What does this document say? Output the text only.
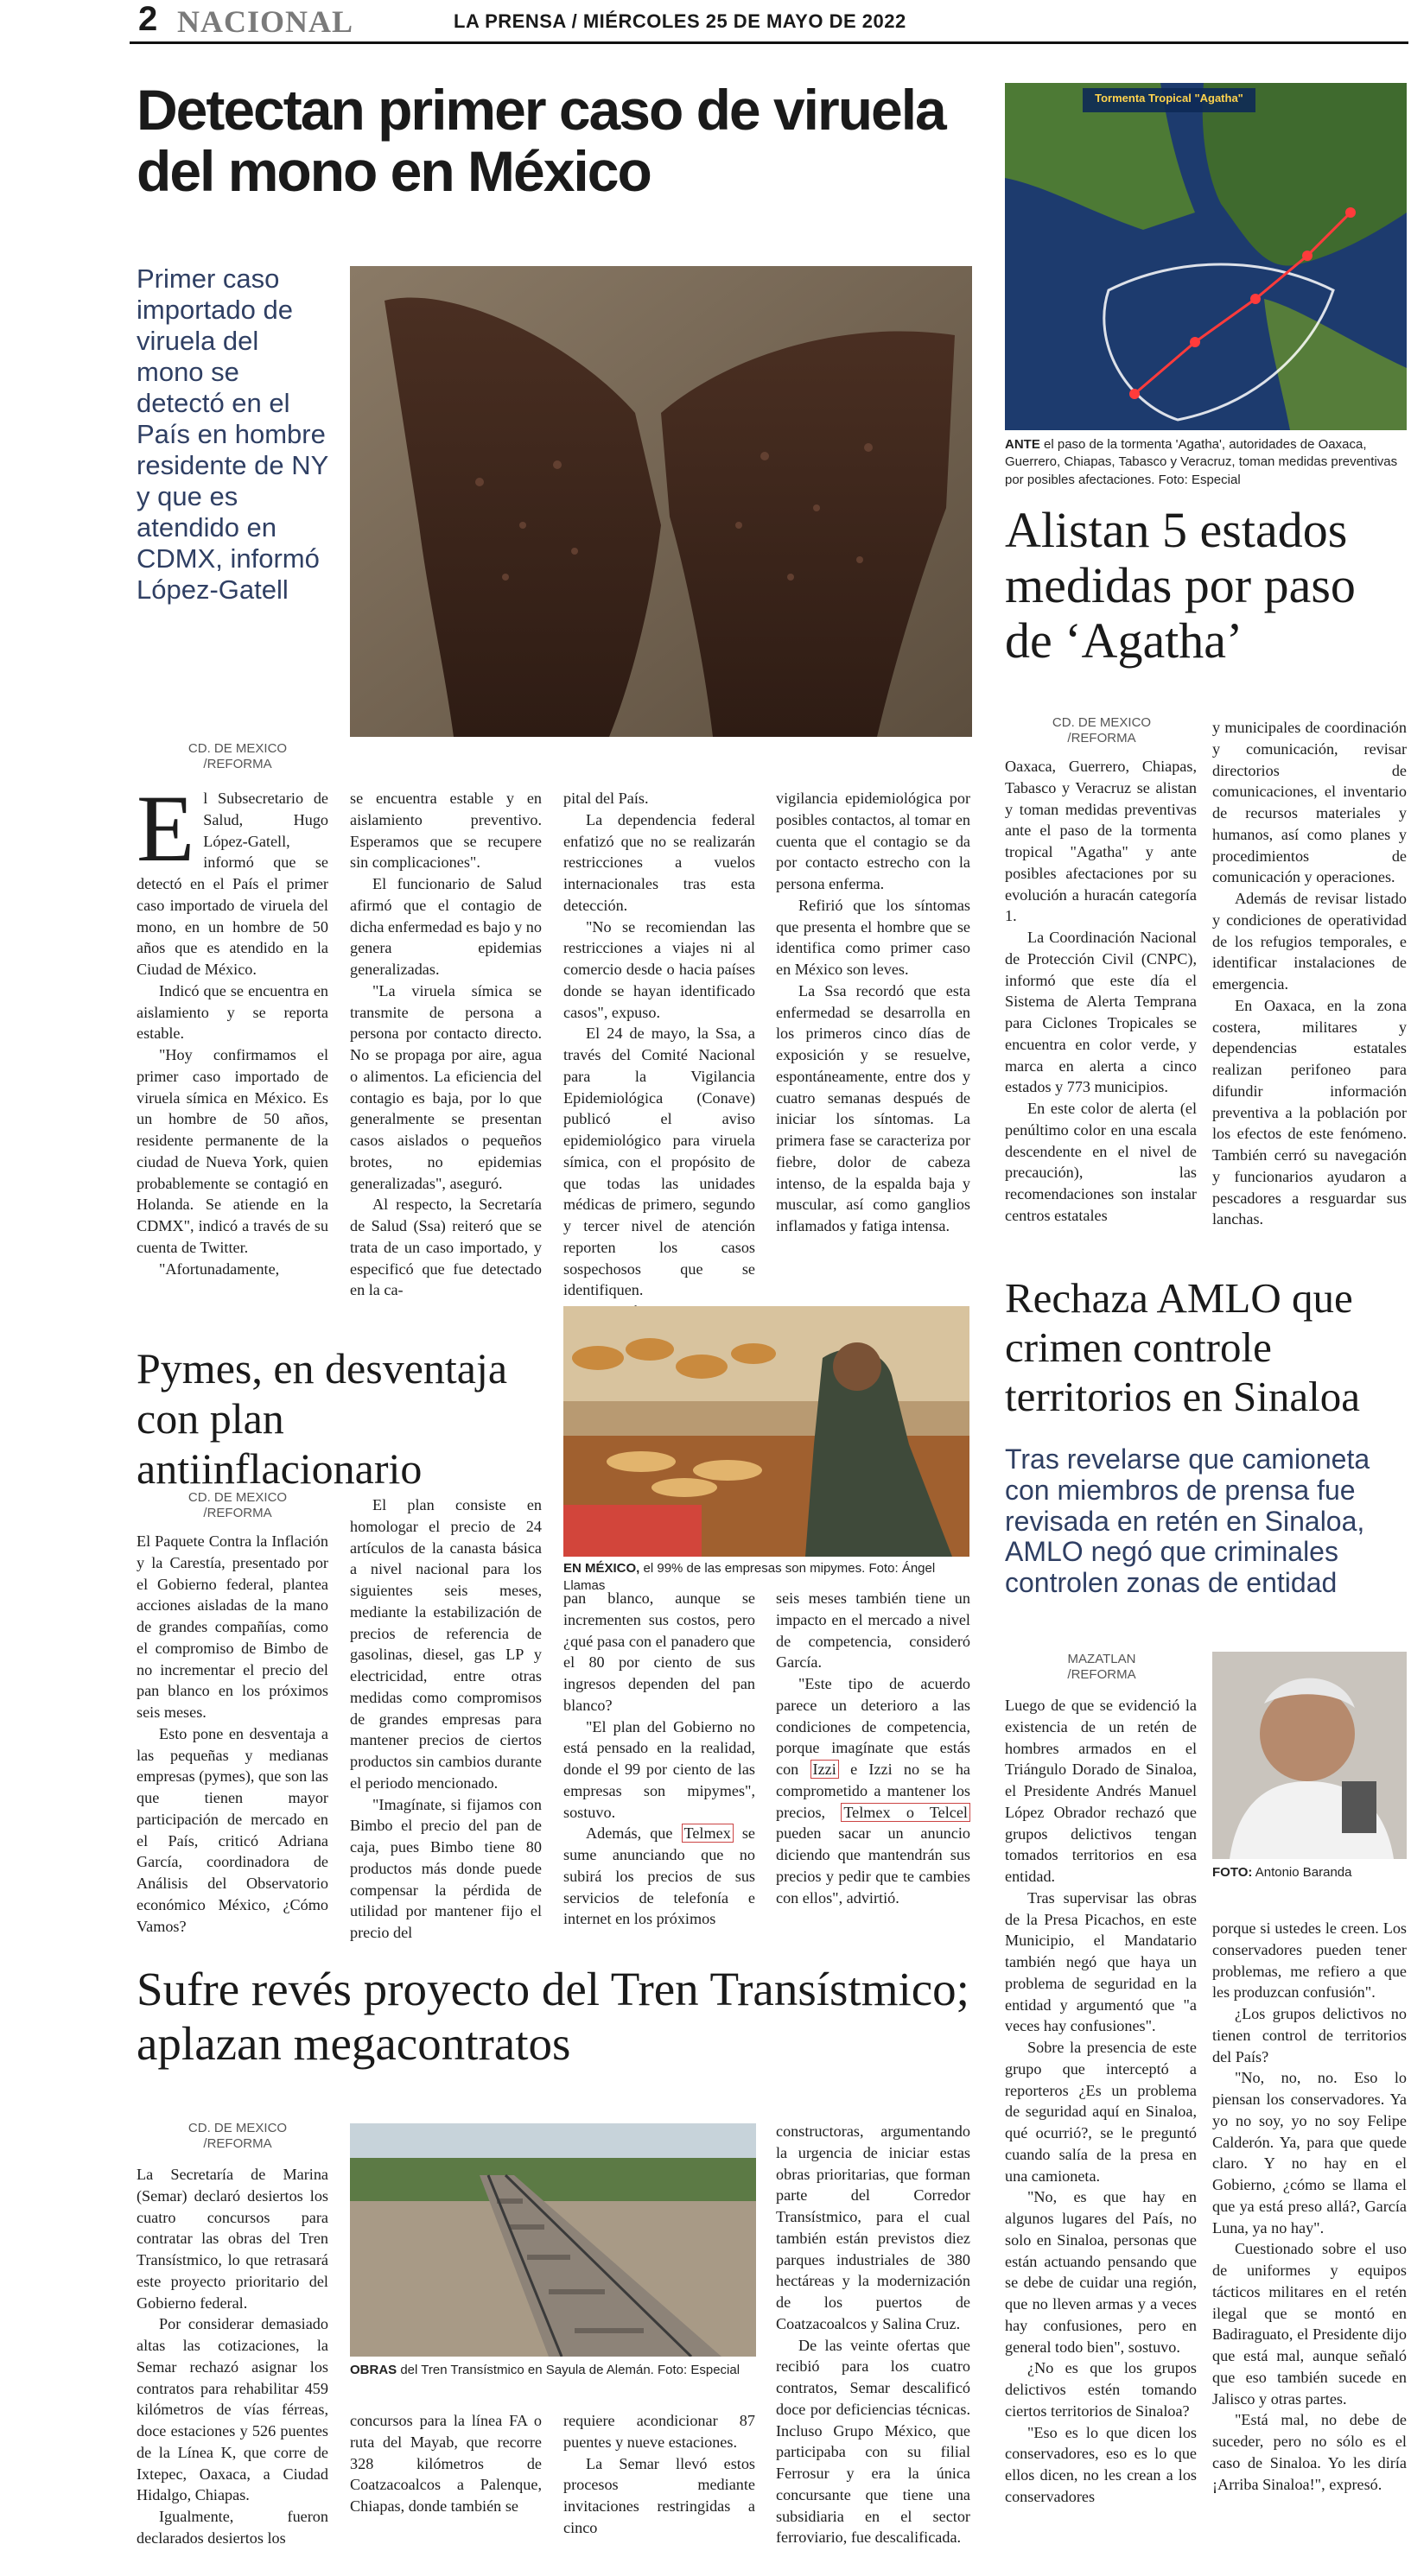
2 NACIONAL	LA PRENSA / MIÉRCOLES 25 DE MAYO DE 2022
Detectan primer caso de viruela del mono en México
Primer caso importado de viruela del mono se detectó en el País en hombre residente de NY y que es atendido en CDMX, informó López-Gatell
CD. DE MEXICO
/REFORMA

El Subsecretario de Salud, Hugo López-Gatell, informó que se detectó en el País el primer caso importado de viruela del mono, en un hombre de 50 años que es atendido en la Ciudad de México.

Indicó que se encuentra en aislamiento y se reporta estable.

"Hoy confirmamos el primer caso importado de viruela símica en México. Es un hombre de 50 años, residente permanente de la ciudad de Nueva York, quien probablemente se contagió en Holanda. Se atiende en la CDMX", indicó a través de su cuenta de Twitter.

"Afortunadamente,

se encuentra estable y en aislamiento preventivo. Esperamos que se recupere sin complicaciones".

El funcionario de Salud afirmó que el contagio de dicha enfermedad es bajo y no genera epidemias generalizadas.

"La viruela símica se transmite de persona a persona por contacto directo. No se propaga por aire, agua o alimentos. La eficiencia del contagio es baja, por lo que generalmente se presentan casos aislados o pequeños brotes, no epidemias generalizadas", aseguró.

Al respecto, la Secretaría de Salud (Ssa) reiteró que se trata de un caso importado, y especificó que fue detectado en la ca-

pital del País.

La dependencia federal enfatizó que no se realizarán restricciones a vuelos internacionales tras esta detección.

"No se recomiendan las restricciones a viajes ni al comercio desde o hacia países donde se hayan identificado casos", expuso.

El 24 de mayo, la Ssa, a través del Comité Nacional para la Vigilancia Epidemiológica (Conave) publicó el aviso epidemiológico para viruela símica, con el propósito de que todas las unidades médicas de primero, segundo y tercer nivel de atención reporten los casos sospechosos que se identifiquen.

vigilancia epidemiológica por posibles contactos, al tomar en cuenta que el contagio se da por contacto estrecho con la persona enferma.

Refirió que los síntomas que presenta el hombre que se identifica como primer caso en México son leves.

La Ssa recordó que esta enfermedad se desarrolla en los primeros cinco días de exposición y se resuelve, espontáneamente, entre dos y cuatro semanas después de iniciar los síntomas. La primera fase se caracteriza por fiebre, dolor de cabeza intenso, de la espalda baja y muscular, así como ganglios inflamados y fatiga intensa.

Tormenta Tropical "Agatha"
ANTE el paso de la tormenta 'Agatha', autoridades de Oaxaca, Guerrero, Chiapas, Tabasco y Veracruz, toman medidas preventivas por posibles afectaciones. Foto: Especial
Alistan 5 estados medidas por paso de ‘Agatha’
CD. DE MEXICO
/REFORMA

Oaxaca, Guerrero, Chiapas, Tabasco y Veracruz se alistan y toman medidas preventivas ante el paso de la tormenta tropical "Agatha" y ante posibles afectaciones por su evolución a huracán categoría 1.

La Coordinación Nacional de Protección Civil (CNPC), informó que este día el Sistema de Alerta Temprana para Ciclones Tropicales se encuentra en color verde, y marca en alerta a cinco estados y 773 municipios.

En este color de alerta (el penúltimo color en una escala descendente en el nivel de precaución), las recomendaciones son instalar centros estatales

y municipales de coordinación y comunicación, revisar directorios de comunicaciones, el inventario de recursos materiales y humanos, así como planes y procedimientos de comunicación y operaciones.

Además de revisar listado y condiciones de operatividad de los refugios temporales, e identificar instalaciones de emergencia.

En Oaxaca, en la zona costera, militares y dependencias estatales realizan perifoneo para difundir información preventiva a la población por los efectos de este fenómeno. También cerró su navegación y funcionarios ayudaron a pescadores a resguardar sus lanchas.

Pymes, en desventaja con plan antiinflacionario
EN MÉXICO, el 99% de las empresas son mipymes. Foto: Ángel Llamas
CD. DE MEXICO
/REFORMA

El Paquete Contra la Inflación y la Carestía, presentado por el Gobierno federal, plantea acciones aisladas de la mano de grandes compañías, como el compromiso de Bimbo de no incrementar el precio del pan blanco en los próximos seis meses.

Esto pone en desventaja a las pequeñas y medianas empresas (pymes), que son las que tienen mayor participación de mercado en el País, criticó Adriana García, coordinadora de Análisis del Observatorio económico México, ¿Cómo Vamos?

El plan consiste en homologar el precio de 24 artículos de la canasta básica a nivel nacional para los siguientes seis meses, mediante la estabilización de precios de referencia de gasolinas, diesel, gas LP y electricidad, entre otras medidas como compromisos de grandes empresas para mantener precios de ciertos productos sin cambios durante el periodo mencionado.

"Imagínate, si fijamos con Bimbo el precio del pan de caja, pues Bimbo tiene 80 productos más donde puede compensar la pérdida de utilidad por mantener fijo el precio del

pan blanco, aunque se incrementen sus costos, pero ¿qué pasa con el panadero que el 80 por ciento de sus ingresos dependen del pan blanco?

"El plan del Gobierno no está pensado en la realidad, donde el 99 por ciento de las empresas son mipymes", sostuvo.

Además, que Telmex se sume anunciando que no subirá los precios de sus servicios de telefonía e internet en los próximos

seis meses también tiene un impacto en el mercado a nivel de competencia, consideró García.

"Este tipo de acuerdo parece un deterioro a las condiciones de competencia, porque imagínate que estás con Izzi e Izzi no se ha comprometido a mantener los precios, Telmex o Telcel pueden sacar un anuncio diciendo que mantendrán sus precios y pedir que te cambies con ellos", advirtió.

Rechaza AMLO que crimen controle territorios en Sinaloa
Tras revelarse que camioneta con miembros de prensa fue revisada en retén en Sinaloa, AMLO negó que criminales controlen zonas de entidad
MAZATLAN
/REFORMA
FOTO: Antonio Baranda

Luego de que se evidenció la existencia de un retén de hombres armados en el Triángulo Dorado de Sinaloa, el Presidente Andrés Manuel López Obrador rechazó que grupos delictivos tengan tomados territorios en esa entidad.

Tras supervisar las obras de la Presa Picachos, en este Municipio, el Mandatario también negó que haya un problema de seguridad en la entidad y argumentó que "a veces hay confusiones".

Sobre la presencia de este grupo que interceptó a reporteros ¿Es un problema de seguridad aquí en Sinaloa, qué ocurrió?, se le preguntó cuando salía de la presa en una camioneta.

"No, es que hay en algunos lugares del País, no solo en Sinaloa, personas que están actuando pensando que se debe de cuidar una región, que no lleven armas y a veces hay confusiones, pero en general todo bien", sostuvo.

¿No es que los grupos delictivos estén tomando ciertos territorios de Sinaloa?

"Eso es lo que dicen los conservadores, eso es lo que ellos dicen, no les crean a los conservadores

porque si ustedes le creen. Los conservadores pueden tener problemas, me refiero a que les produzcan confusión".

¿Los grupos delictivos no tienen control de territorios del País?

"No, no, no. Eso lo piensan los conservadores. Ya yo no soy, yo no soy Felipe Calderón. Ya, para que quede claro. Y no hay en el Gobierno, ¿cómo se llama el que ya está preso allá?, García Luna, ya no hay".

Cuestionado sobre el uso de uniformes y equipos tácticos militares en el retén ilegal que se montó en Badiraguato, el Presidente dijo que está mal, aunque señaló que eso también sucede en Jalisco y otras partes.

"Está mal, no debe de suceder, pero no sólo es el caso de Sinaloa. Yo les diría ¡Arriba Sinaloa!", expresó.

Sufre revés proyecto del Tren Transístmico; aplazan megacontratos
CD. DE MEXICO
/REFORMA
OBRAS del Tren Transístmico en Sayula de Alemán. Foto: Especial

La Secretaría de Marina (Semar) declaró desiertos los cuatro concursos para contratar las obras del Tren Transístmico, lo que retrasará este proyecto prioritario del Gobierno federal.

Por considerar demasiado altas las cotizaciones, la Semar rechazó asignar los contratos para rehabilitar 459 kilómetros de vías férreas, doce estaciones y 526 puentes de la Línea K, que corre de Ixtepec, Oaxaca, a Ciudad Hidalgo, Chiapas.

Igualmente, fueron declarados desiertos los

concursos para la línea FA o ruta del Mayab, que recorre 328 kilómetros de Coatzacoalcos a Palenque, Chiapas, donde también se

requiere acondicionar 87 puentes y nueve estaciones.

La Semar llevó estos procesos mediante invitaciones restringidas a cinco

constructoras, argumentando la urgencia de iniciar estas obras prioritarias, que forman parte del Corredor Transístmico, para el cual también están previstos diez parques industriales de 380 hectáreas y la modernización de los puertos de Coatzacoalcos y Salina Cruz.

De las veinte ofertas que recibió para los cuatro contratos, Semar descalificó doce por deficiencias técnicas. Incluso Grupo México, que participaba con su filial Ferrosur y era la única concursante que tiene una subsidiaria en el sector ferroviario, fue descalificada.
